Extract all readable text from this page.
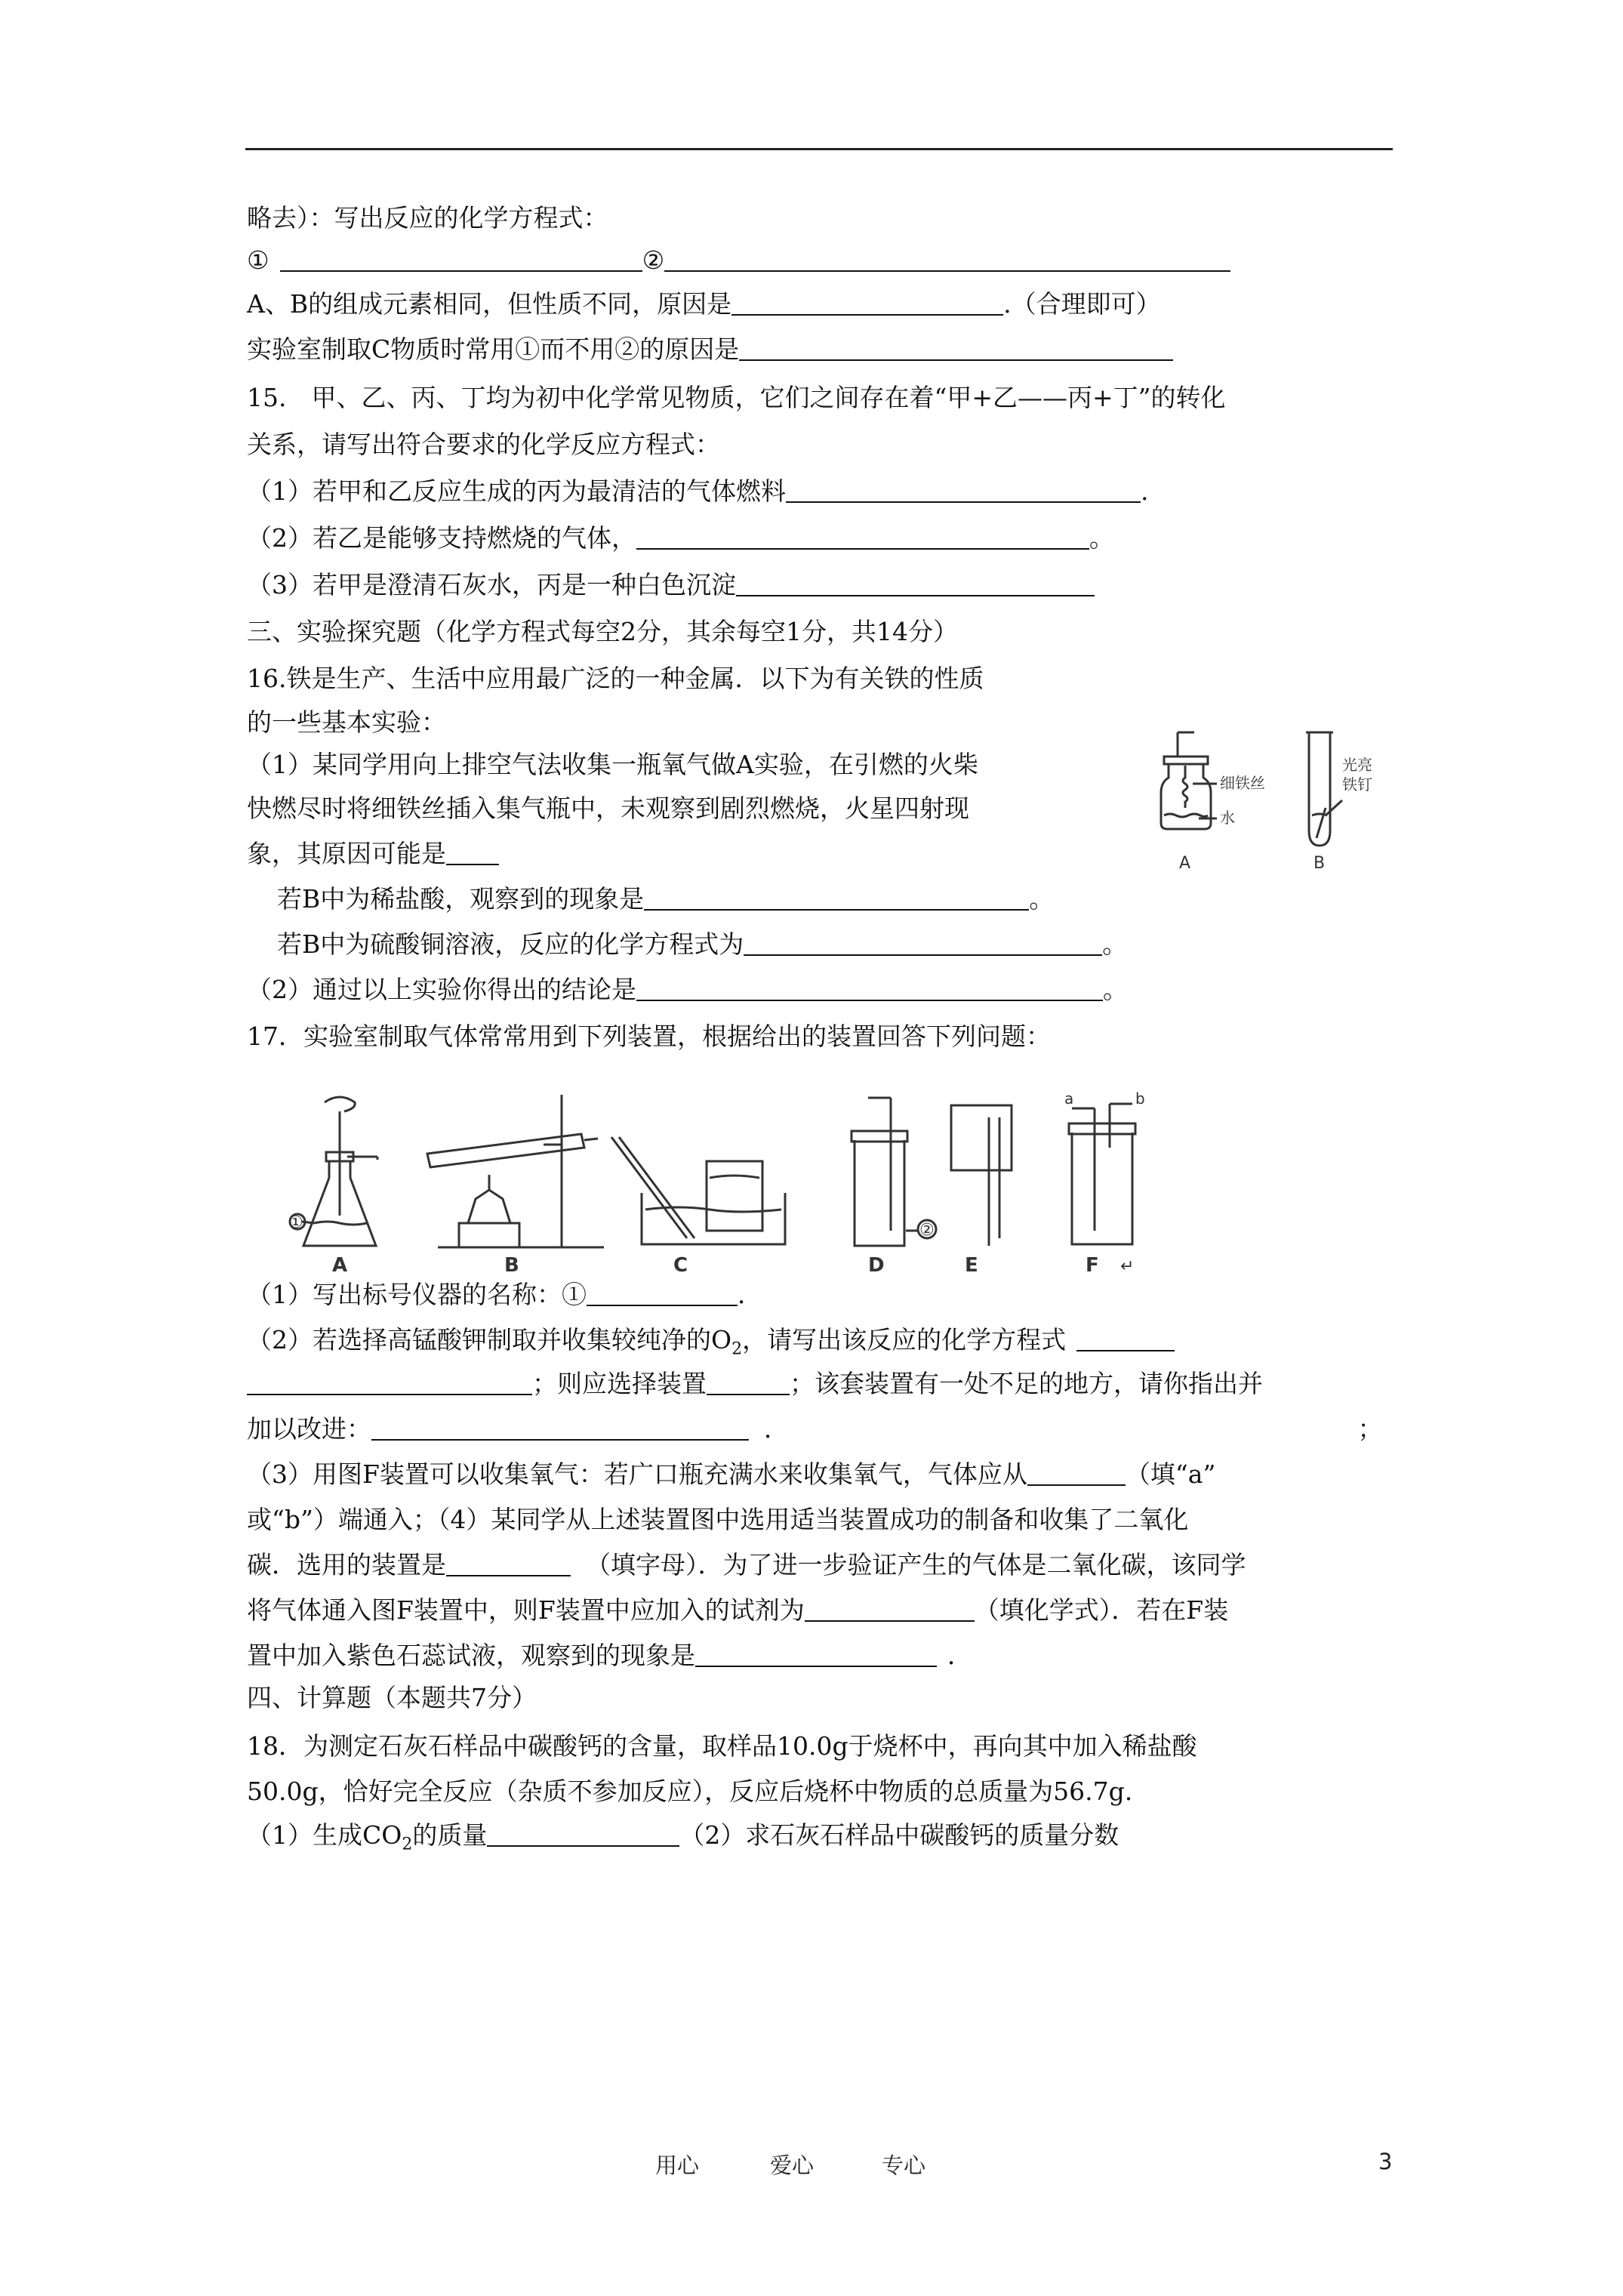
略去）：写出反应的化学方程式：
①	②
A、B的组成元素相同，但性质不同，原因是	.（合理即可）
实验室制取C物质时常用①而不用②的原因是
15.　甲、乙、丙、丁均为初中化学常见物质，它们之间存在着“甲+乙——丙+丁”的转化
关系，请写出符合要求的化学反应方程式：
（1）若甲和乙反应生成的丙为最清洁的气体燃料	.
（2）若乙是能够支持燃烧的气体，	。
（3）若甲是澄清石灰水，丙是一种白色沉淀
三、实验探究题（化学方程式每空2分，其余每空1分，共14分）
16.铁是生产、生活中应用最广泛的一种金属．以下为有关铁的性质
的一些基本实验：
（1）某同学用向上排空气法收集一瓶氧气做A实验，在引燃的火柴
快燃尽时将细铁丝插入集气瓶中，未观察到剧烈燃烧，火星四射现
象，其原因可能是
若B中为稀盐酸，观察到的现象是	。
若B中为硫酸铜溶液，反应的化学方程式为	。
（2）通过以上实验你得出的结论是	。
17．实验室制取气体常常用到下列装置，根据给出的装置回答下列问题：
（1）写出标号仪器的名称：①	．
（2）若选择高锰酸钾制取并收集较纯净的$O_2$，请写出该反应的化学方程式
；则应选择装置	；该套装置有一处不足的地方，请你指出并
加以改进：	．	；
（3）用图F装置可以收集氧气：若广口瓶充满水来收集氧气，气体应从	（填“a”
或“b”）端通入；（4）某同学从上述装置图中选用适当装置成功的制备和收集了二氧化
碳．选用的装置是	（填字母）．为了进一步验证产生的气体是二氧化碳，该同学
将气体通入图F装置中，则F装置中应加入的试剂为	（填化学式）．若在F装
置中加入紫色石蕊试液，观察到的现象是	．
四、计算题（本题共7分）
18．为测定石灰石样品中碳酸钙的含量，取样品10.0g于烧杯中，再向其中加入稀盐酸
50.0g，恰好完全反应（杂质不参加反应），反应后烧杯中物质的总质量为56.7g.
（1）生成$CO_2$的质量	（2）求石灰石样品中碳酸钙的质量分数
细铁丝
水
A
光亮
铁钉
B
①	②
a	b
A	B	C	D	E	F ↵
用心	爱心	专心	3
